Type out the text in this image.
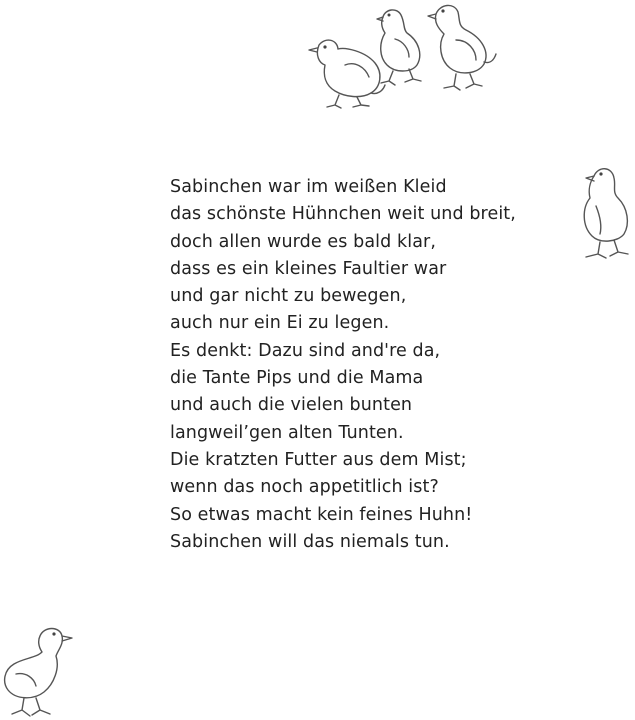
Sabinchen war im weißen Kleid
das schönste Hühnchen weit und breit,
doch allen wurde es bald klar,
dass es ein kleines Faultier war
und gar nicht zu bewegen,
auch nur ein Ei zu legen.
Es denkt: Dazu sind and're da,
die Tante Pips und die Mama
und auch die vielen bunten
langweil’gen alten Tunten.
Die kratzten Futter aus dem Mist;
wenn das noch appetitlich ist?
So etwas macht kein feines Huhn!
Sabinchen will das niemals tun.
